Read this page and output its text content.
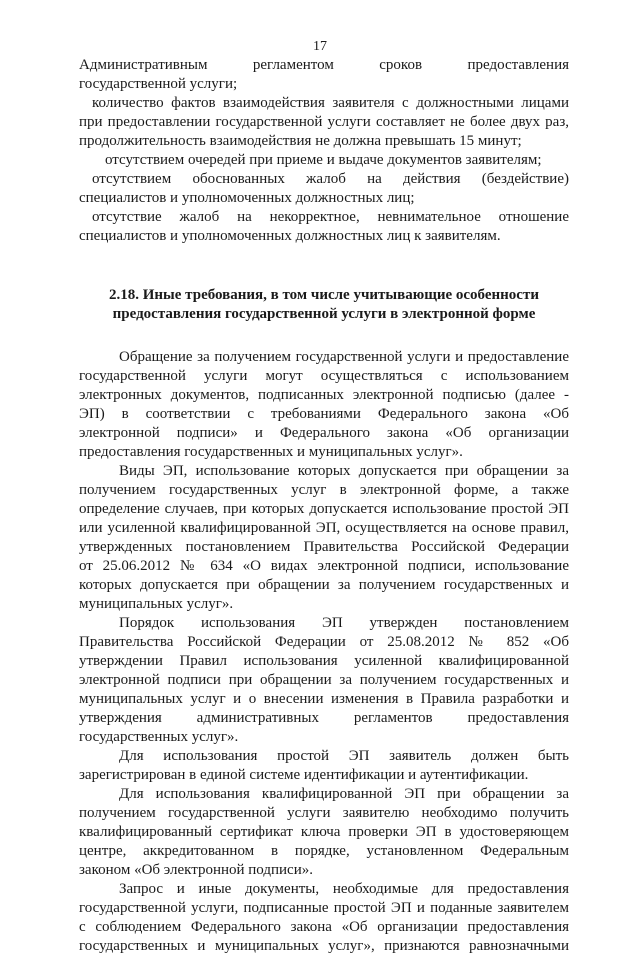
17
Административным регламентом сроков предоставления
государственной услуги;
количество фактов взаимодействия заявителя с должностными лицами
при предоставлении государственной услуги составляет не более двух раз,
продолжительность взаимодействия не должна превышать 15 минут;
отсутствием очередей при приеме и выдаче документов заявителям;
отсутствием обоснованных жалоб на действия (бездействие)
специалистов и уполномоченных должностных лиц;
отсутствие жалоб на некорректное, невнимательное отношение
специалистов и уполномоченных должностных лиц к заявителям.
2.18. Иные требования, в том числе учитывающие особенности
предоставления государственной услуги в электронной форме
Обращение за получением государственной услуги и предоставление
государственной услуги могут осуществляться с использованием
электронных документов, подписанных электронной подписью (далее -
ЭП) в соответствии с требованиями Федерального закона «Об
электронной подписи» и Федерального закона «Об организации
предоставления государственных и муниципальных услуг».
Виды ЭП, использование которых допускается при обращении за
получением государственных услуг в электронной форме, а также
определение случаев, при которых допускается использование простой ЭП
или усиленной квалифицированной ЭП, осуществляется на основе правил,
утвержденных постановлением Правительства Российской Федерации
от 25.06.2012 № 634 «О видах электронной подписи, использование
которых допускается при обращении за получением государственных и
муниципальных услуг».
Порядок использования ЭП утвержден постановлением
Правительства Российской Федерации от 25.08.2012 № 852 «Об
утверждении Правил использования усиленной квалифицированной
электронной подписи при обращении за получением государственных и
муниципальных услуг и о внесении изменения в Правила разработки и
утверждения административных регламентов предоставления
государственных услуг».
Для использования простой ЭП заявитель должен быть
зарегистрирован в единой системе идентификации и аутентификации.
Для использования квалифицированной ЭП при обращении за
получением государственной услуги заявителю необходимо получить
квалифицированный сертификат ключа проверки ЭП в удостоверяющем
центре, аккредитованном в порядке, установленном Федеральным
законом «Об электронной подписи».
Запрос и иные документы, необходимые для предоставления
государственной услуги, подписанные простой ЭП и поданные заявителем
с соблюдением Федерального закона «Об организации предоставления
государственных и муниципальных услуг», признаются равнозначными
